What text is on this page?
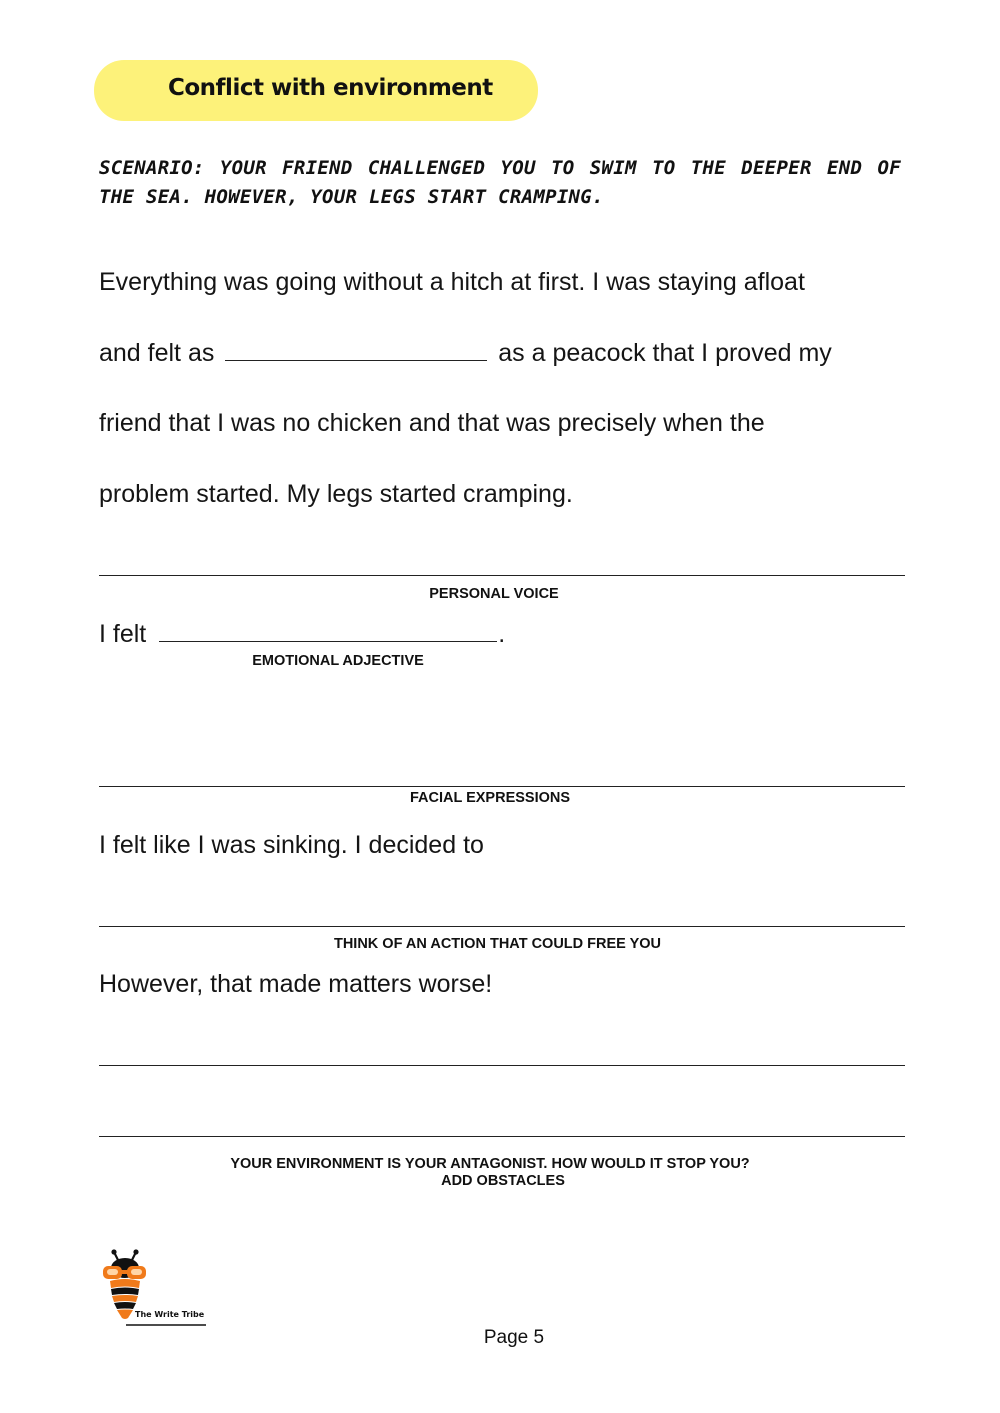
Conflict with environment
SCENARIO: YOUR FRIEND CHALLENGED YOU TO SWIM TO THE DEEPER END OF THE SEA. HOWEVER, YOUR LEGS START CRAMPING.
Everything was going without a hitch at first. I was staying afloat
and felt as	as a peacock that I proved my
friend that I was no chicken and that was precisely when the
problem started. My legs started cramping.
PERSONAL VOICE
I felt	.
EMOTIONAL ADJECTIVE
FACIAL EXPRESSIONS
I felt like I was sinking. I decided to
THINK OF AN ACTION THAT COULD FREE YOU
However, that made matters worse!
YOUR ENVIRONMENT IS YOUR ANTAGONIST. HOW WOULD IT STOP YOU?
ADD OBSTACLES
The Write Tribe
Page 5
